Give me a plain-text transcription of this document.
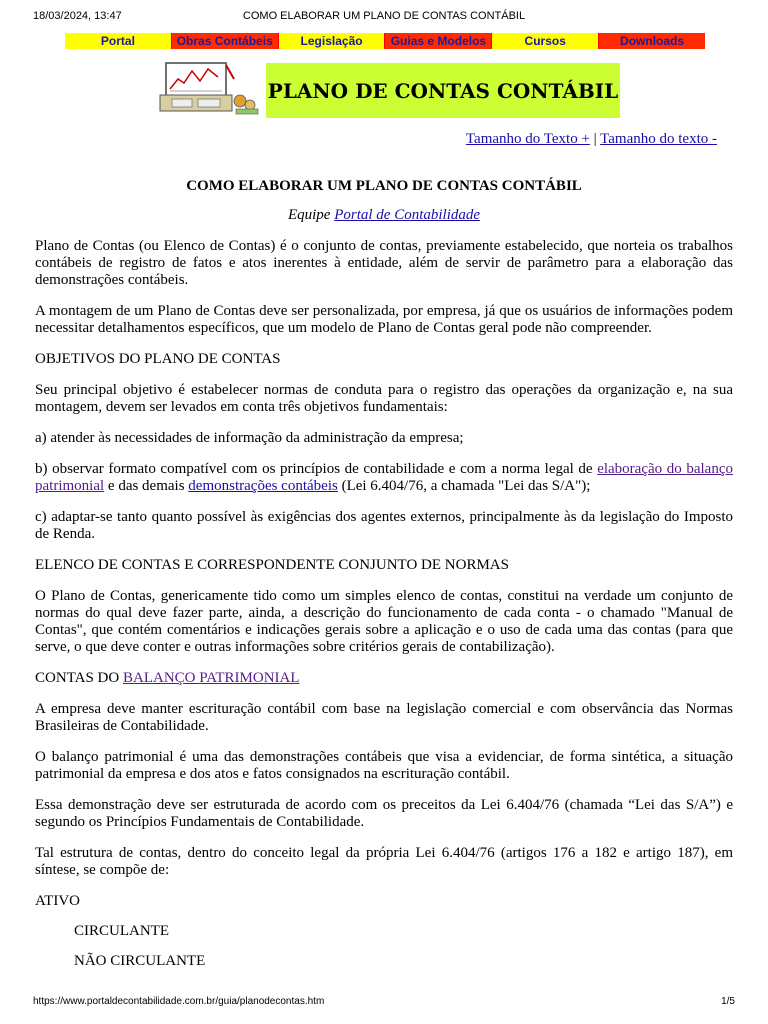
18/03/2024, 13:47	COMO ELABORAR UM PLANO DE CONTAS CONTÁBIL
Portal	Obras Contábeis	Legislação	Guias e Modelos	Cursos	Downloads
PLANO DE CONTAS CONTÁBIL
Tamanho do Texto + | Tamanho do texto -

COMO ELABORAR UM PLANO DE CONTAS CONTÁBIL

Equipe Portal de Contabilidade

Plano de Contas (ou Elenco de Contas) é o conjunto de contas, previamente estabelecido, que norteia os trabalhos contábeis de registro de fatos e atos inerentes à entidade, além de servir de parâmetro para a elaboração das demonstrações contábeis.

A montagem de um Plano de Contas deve ser personalizada, por empresa, já que os usuários de informações podem necessitar detalhamentos específicos, que um modelo de Plano de Contas geral pode não compreender.

OBJETIVOS DO PLANO DE CONTAS

Seu principal objetivo é estabelecer normas de conduta para o registro das operações da organização e, na sua montagem, devem ser levados em conta três objetivos fundamentais:

a) atender às necessidades de informação da administração da empresa;

b) observar formato compatível com os princípios de contabilidade e com a norma legal de elaboração do balanço patrimonial e das demais demonstrações contábeis (Lei 6.404/76, a chamada "Lei das S/A");

c) adaptar-se tanto quanto possível às exigências dos agentes externos, principalmente às da legislação do Imposto de Renda.

ELENCO DE CONTAS E CORRESPONDENTE CONJUNTO DE NORMAS

O Plano de Contas, genericamente tido como um simples elenco de contas, constitui na verdade um conjunto de normas do qual deve fazer parte, ainda, a descrição do funcionamento de cada conta - o chamado "Manual de Contas", que contém comentários e indicações gerais sobre a aplicação e o uso de cada uma das contas (para que serve, o que deve conter e outras informações sobre critérios gerais de contabilização).

CONTAS DO BALANÇO PATRIMONIAL

A empresa deve manter escrituração contábil com base na legislação comercial e com observância das Normas Brasileiras de Contabilidade.

O balanço patrimonial é uma das demonstrações contábeis que visa a evidenciar, de forma sintética, a situação patrimonial da empresa e dos atos e fatos consignados na escrituração contábil.

Essa demonstração deve ser estruturada de acordo com os preceitos da Lei 6.404/76 (chamada “Lei das S/A”) e segundo os Princípios Fundamentais de Contabilidade.

Tal estrutura de contas, dentro do conceito legal da própria Lei 6.404/76 (artigos 176 a 182 e artigo 187), em síntese, se compõe de:

ATIVO

CIRCULANTE

NÃO CIRCULANTE

https://www.portaldecontabilidade.com.br/guia/planodecontas.htm	1/5
